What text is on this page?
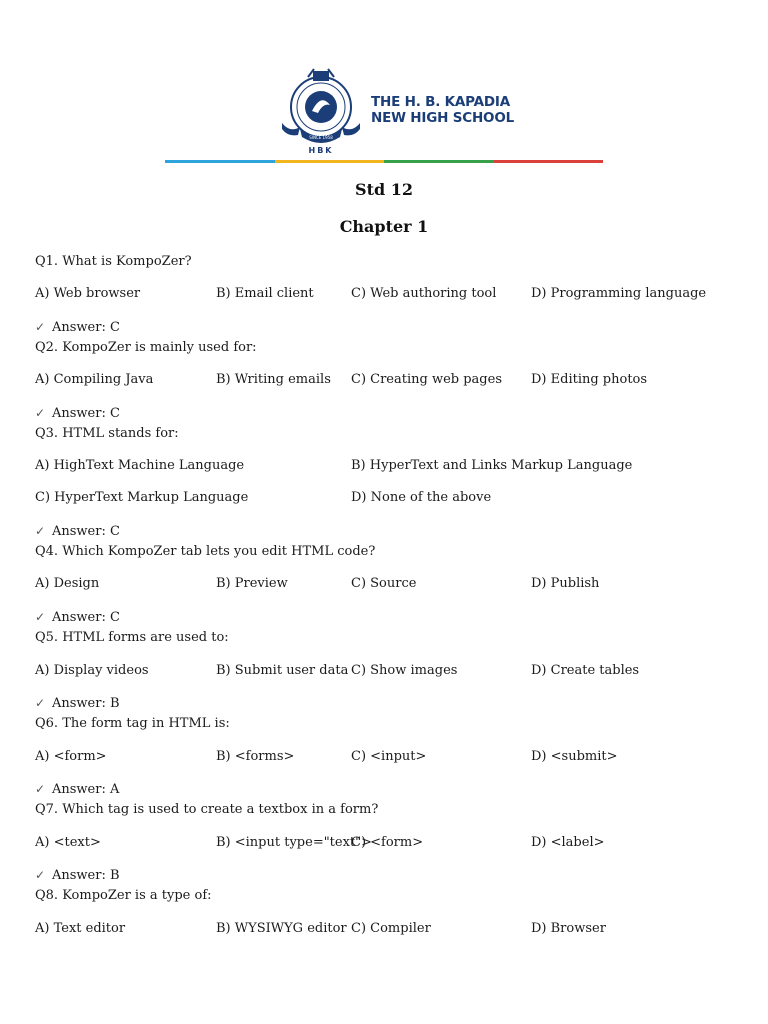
SINCE 1958
HBK
THE H. B. KAPADIA
NEW HIGH SCHOOL
Std 12
Chapter 1
Q1. What is KompoZer?
A) Web browser	B) Email client	C) Web authoring tool	D) Programming language
✓ Answer: C
Q2. KompoZer is mainly used for:
A) Compiling Java	B) Writing emails C) Creating web pages D) Editing photos
✓ Answer: C
Q3. HTML stands for:
A) HighText Machine Language	B) HyperText and Links Markup Language
C) HyperText Markup Language	D) None of the above
✓ Answer: C
Q4. Which KompoZer tab lets you edit HTML code?
A) Design	B) Preview	C) Source	D) Publish
✓ Answer: C
Q5. HTML forms are used to:
A) Display videos	B) Submit user data C) Show images	D) Create tables
✓ Answer: B
Q6. The form tag in HTML is:
A) <form>	B) <forms>	C) <input>	D) <submit>
✓ Answer: A
Q7. Which tag is used to create a textbox in a form?
A) <text>	B) <input type="text">
C) <form>	D) <label>
✓ Answer: B
Q8. KompoZer is a type of:
A) Text editor	B) WYSIWYG editor C) Compiler	D) Browser
